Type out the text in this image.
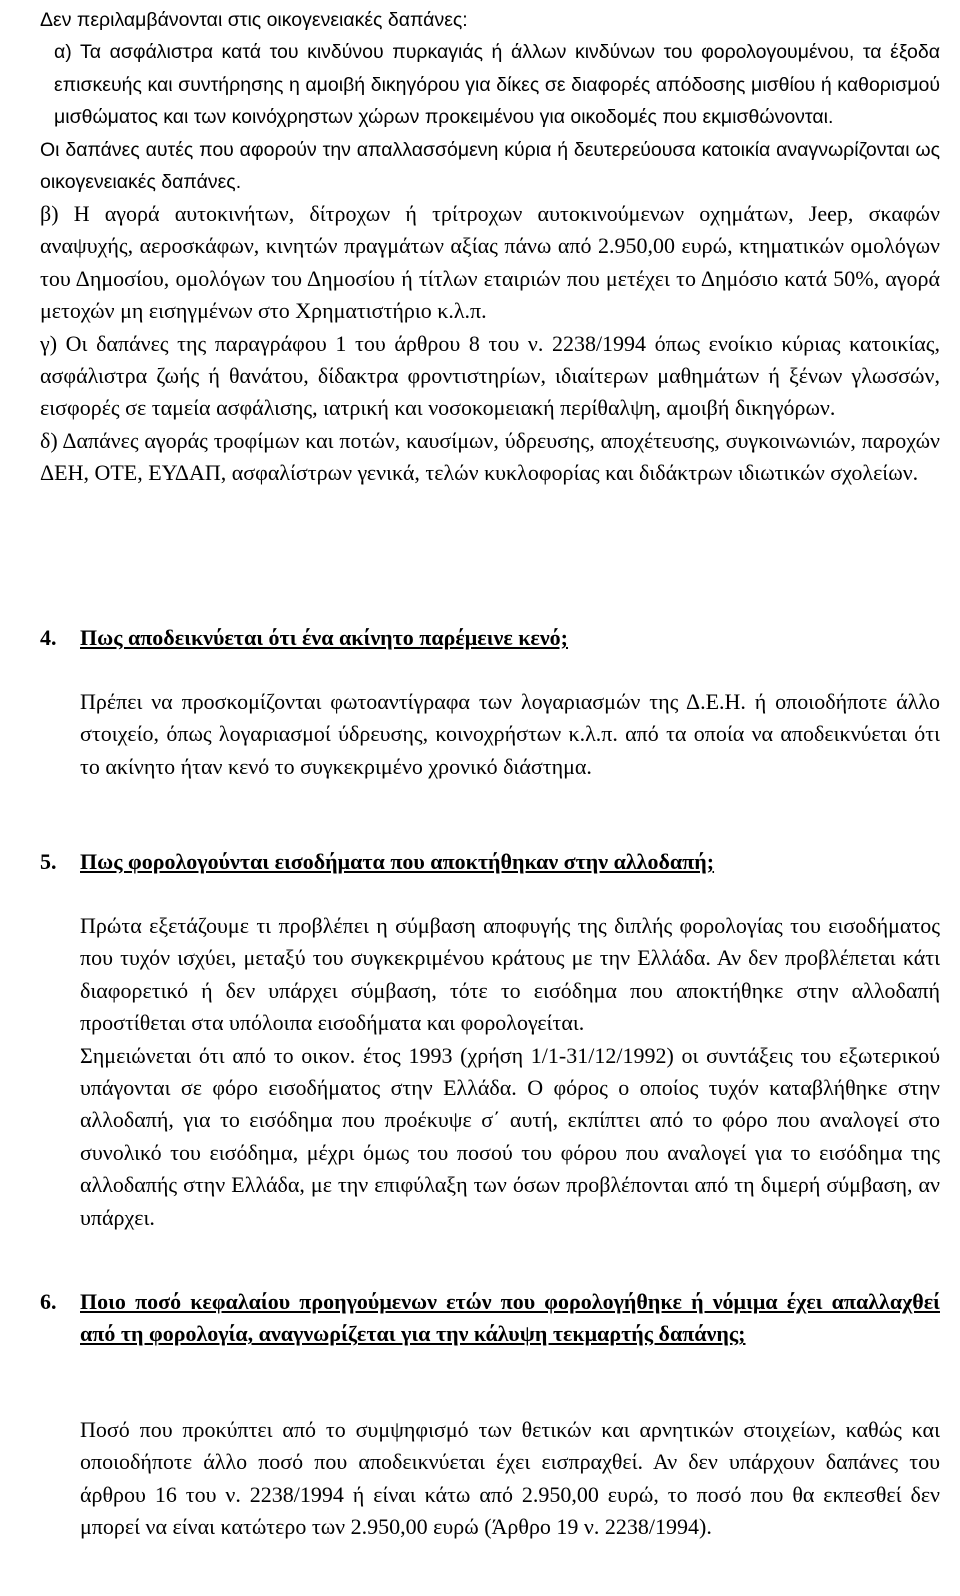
Δεν περιλαμβάνονται στις οικογενειακές δαπάνες:

α) Τα ασφάλιστρα κατά του κινδύνου πυρκαγιάς ή άλλων κινδύνων του φορολογουμένου, τα έξοδα επισκευής και συντήρησης η αμοιβή δικηγόρου για δίκες σε διαφορές απόδοσης μισθίου ή καθορισμού μισθώματος και των κοινόχρηστων χώρων προκειμένου για οικοδομές που εκμισθώνονται.

Οι δαπάνες αυτές που αφορούν την απαλλασσόμενη κύρια ή δευτερεύουσα κατοικία αναγνωρίζονται ως οικογενειακές δαπάνες.

β) Η αγορά αυτοκινήτων, δίτροχων ή τρίτροχων αυτοκινούμενων οχημάτων, Jeep, σκαφών αναψυχής, αεροσκάφων, κινητών πραγμάτων αξίας πάνω από 2.950,00 ευρώ, κτηματικών ομολόγων του Δημοσίου, ομολόγων του Δημοσίου ή τίτλων εταιριών που μετέχει το Δημόσιο κατά 50%, αγορά μετοχών μη εισηγμένων στο Χρηματιστήριο κ.λ.π.

γ) Οι δαπάνες της παραγράφου 1 του άρθρου 8 του ν. 2238/1994 όπως ενοίκιο κύριας κατοικίας, ασφάλιστρα ζωής ή θανάτου, δίδακτρα φροντιστηρίων, ιδιαίτερων μαθημάτων ή ξένων γλωσσών, εισφορές σε ταμεία ασφάλισης, ιατρική και νοσοκομειακή περίθαλψη, αμοιβή δικηγόρων.

δ) Δαπάνες αγοράς τροφίμων και ποτών, καυσίμων, ύδρευσης, αποχέτευσης, συγκοινωνιών, παροχών ΔΕΗ, ΟΤΕ, ΕΥΔΑΠ, ασφαλίστρων γενικά, τελών κυκλοφορίας και διδάκτρων ιδιωτικών σχολείων.

4. Πως αποδεικνύεται ότι ένα ακίνητο παρέμεινε κενό;

Πρέπει να προσκομίζονται φωτοαντίγραφα των λογαριασμών της Δ.Ε.Η. ή οποιοδήποτε άλλο στοιχείο, όπως λογαριασμοί ύδρευσης, κοινοχρήστων κ.λ.π. από τα οποία να αποδεικνύεται ότι το ακίνητο ήταν κενό το συγκεκριμένο χρονικό διάστημα.

5. Πως φορολογούνται εισοδήματα που αποκτήθηκαν στην αλλοδαπή;

Πρώτα εξετάζουμε τι προβλέπει η σύμβαση αποφυγής της διπλής φορολογίας του εισοδήματος που τυχόν ισχύει, μεταξύ του συγκεκριμένου κράτους με την Ελλάδα. Αν δεν προβλέπεται κάτι διαφορετικό ή δεν υπάρχει σύμβαση, τότε το εισόδημα που αποκτήθηκε στην αλλοδαπή προστίθεται στα υπόλοιπα εισοδήματα και φορολογείται.

Σημειώνεται ότι από το οικον. έτος 1993 (χρήση 1/1-31/12/1992) οι συντάξεις του εξωτερικού υπάγονται σε φόρο εισοδήματος στην Ελλάδα. Ο φόρος ο οποίος τυχόν καταβλήθηκε στην αλλοδαπή, για το εισόδημα που προέκυψε σ΄ αυτή, εκπίπτει από το φόρο που αναλογεί στο συνολικό του εισόδημα, μέχρι όμως του ποσού του φόρου που αναλογεί για το εισόδημα της αλλοδαπής στην Ελλάδα, με την επιφύλαξη των όσων προβλέπονται από τη διμερή σύμβαση, αν υπάρχει.

6. Ποιο ποσό κεφαλαίου προηγούμενων ετών που φορολογήθηκε ή νόμιμα έχει απαλλαχθεί από τη φορολογία, αναγνωρίζεται για την κάλυψη τεκμαρτής δαπάνης;

Ποσό που προκύπτει από το συμψηφισμό των θετικών και αρνητικών στοιχείων, καθώς και οποιοδήποτε άλλο ποσό που αποδεικνύεται έχει εισπραχθεί. Αν δεν υπάρχουν δαπάνες του άρθρου 16 του ν. 2238/1994 ή είναι κάτω από 2.950,00 ευρώ, το ποσό που θα εκπεσθεί δεν μπορεί να είναι κατώτερο των 2.950,00 ευρώ (Άρθρο 19 ν. 2238/1994).
